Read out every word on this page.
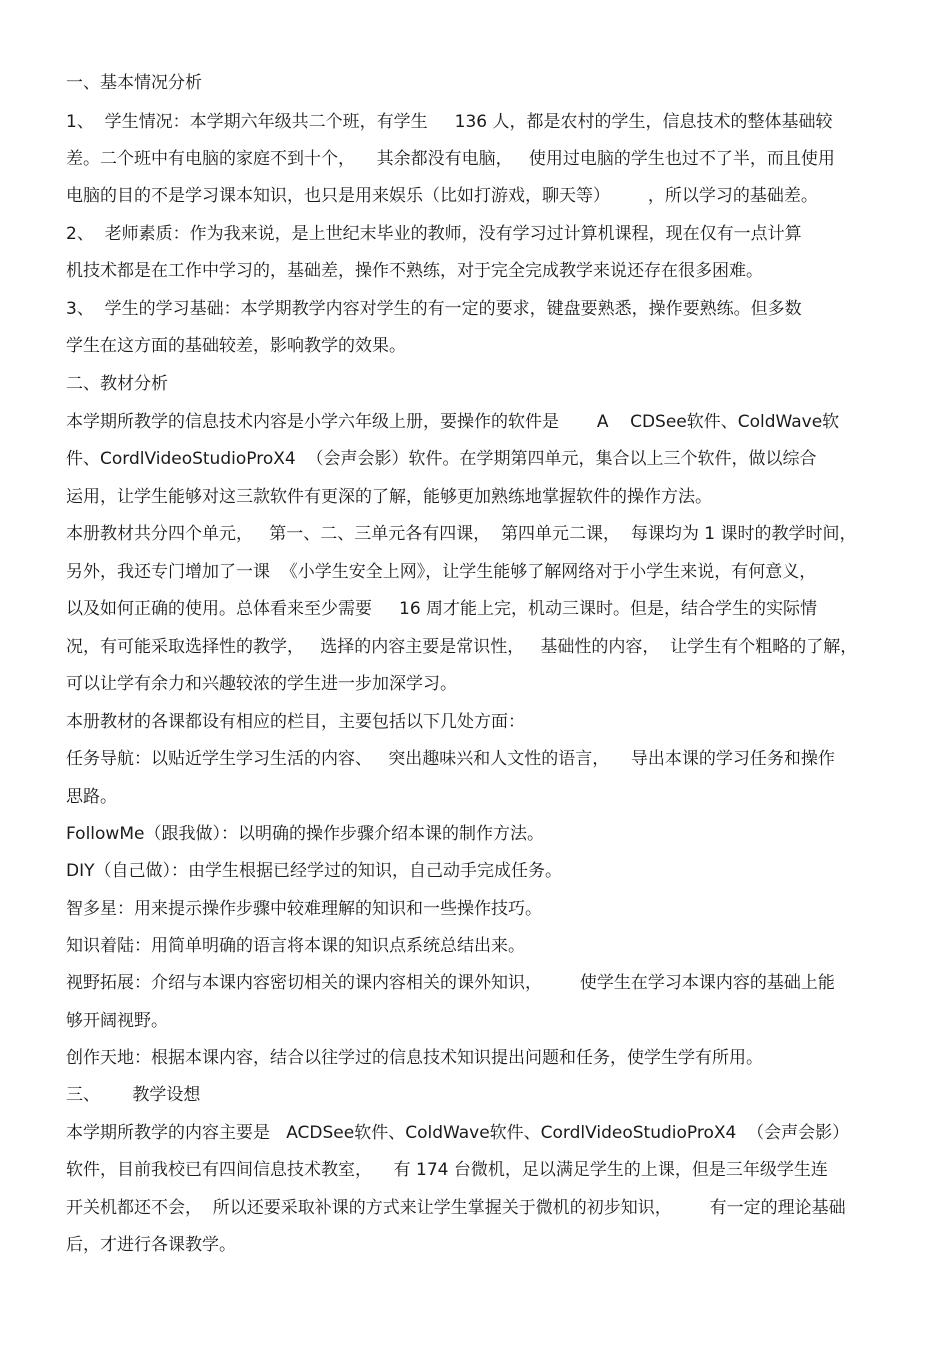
一、基本情况分析
1、  学生情况：本学期六年级共二个班，有学生     136 人，都是农村的学生，信息技术的整体基础较
差。二个班中有电脑的家庭不到十个，    其余都没有电脑，   使用过电脑的学生也过不了半，而且使用
电脑的目的不是学习课本知识，也只是用来娱乐（比如打游戏，聊天等）       ，所以学习的基础差。
2、  老师素质：作为我来说，是上世纪末毕业的教师，没有学习过计算机课程，现在仅有一点计算
机技术都是在工作中学习的，基础差，操作不熟练，对于完全完成教学来说还存在很多困难。
3、  学生的学习基础：本学期教学内容对学生的有一定的要求，键盘要熟悉，操作要熟练。但多数
学生在这方面的基础较差，影响教学的效果。
二、教材分析
本学期所教学的信息技术内容是小学六年级上册，要操作的软件是       A    CDSee软件、ColdWave软
件、CordlVideoStudioProX4  （会声会影）软件。在学期第四单元，集合以上三个软件，做以综合
运用，让学生能够对这三款软件有更深的了解，能够更加熟练地掌握软件的操作方法。
本册教材共分四个单元，   第一、二、三单元各有四课，  第四单元二课，  每课均为 1 课时的教学时间，
另外，我还专门增加了一课  《小学生安全上网》，让学生能够了解网络对于小学生来说，有何意义，
以及如何正确的使用。总体看来至少需要     16 周才能上完，机动三课时。但是，结合学生的实际情
况，有可能采取选择性的教学，   选择的内容主要是常识性，   基础性的内容，  让学生有个粗略的了解，
可以让学有余力和兴趣较浓的学生进一步加深学习。
本册教材的各课都设有相应的栏目，主要包括以下几处方面：
任务导航：以贴近学生学习生活的内容、   突出趣味兴和人文性的语言，    导出本课的学习任务和操作
思路。
FollowMe（跟我做）：以明确的操作步骤介绍本课的制作方法。
DIY（自己做）：由学生根据已经学过的知识，自己动手完成任务。
智多星：用来提示操作步骤中较难理解的知识和一些操作技巧。
知识着陆：用简单明确的语言将本课的知识点系统总结出来。
视野拓展：介绍与本课内容密切相关的课内容相关的课外知识，       使学生在学习本课内容的基础上能
够开阔视野。
创作天地：根据本课内容，结合以往学过的信息技术知识提出问题和任务，使学生学有所用。
三、      教学设想
本学期所教学的内容主要是   ACDSee软件、ColdWave软件、CordlVideoStudioProX4  （会声会影）
软件，目前我校已有四间信息技术教室，    有 174 台微机，足以满足学生的上课，但是三年级学生连
开关机都还不会，  所以还要采取补课的方式来让学生掌握关于微机的初步知识，       有一定的理论基础
后，才进行各课教学。
